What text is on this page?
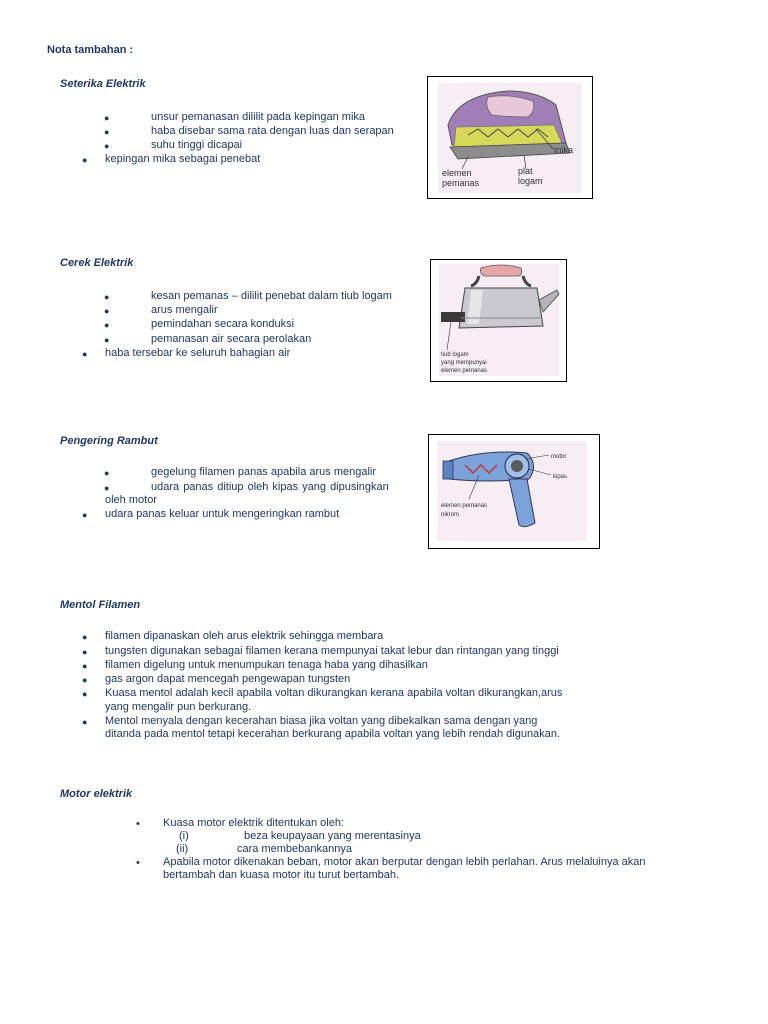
Nota tambahan :
Seterika Elektrik
●	unsur pemanasan dililit pada kepingan mika
●	haba disebar sama rata dengan luas dan serapan
●	suhu tinggi dicapai
● kepingan mika sebagai penebat
mika
elemen
pemanas
plat
logam
Cerek Elektrik
●	kesan pemanas – dililit penebat dalam tiub logam
●	arus mengalir
●	pemindahan secara konduksi
●	pemanasan air secara perolakan
● haba tersebar ke seluruh bahagian air	tiub logam
yang mempunyai
elemen pemanas
Pengering Rambut
●	gegelung filamen panas apabila arus mengalir
●	udara panas ditiup oleh kipas yang dipusingkan
oleh motor
● udara panas keluar untuk mengeringkan rambut
motor
kipas
elemen pemanas
nikrom
Mentol Filamen
● filamen dipanaskan oleh arus elektrik sehingga membara
● tungsten digunakan sebagai filamen kerana mempunyai takat lebur dan rintangan yang tinggi
● filamen digelung untuk menumpukan tenaga haba yang dihasilkan
● gas argon dapat mencegah pengewapan tungsten
● Kuasa mentol adalah kecil apabila voltan dikurangkan kerana apabila voltan dikurangkan,arus
yang mengalir pun berkurang.
● Mentol menyala dengan kecerahan biasa jika voltan yang dibekalkan sama dengan yang
ditanda pada mentol tetapi kecerahan berkurang apabila voltan yang lebih rendah digunakan.
Motor elektrik
• Kuasa motor elektrik ditentukan oleh:
(i)	beza keupayaan yang merentasinya
(ii)	cara membebankannya
• Apabila motor dikenakan beban, motor akan berputar dengan lebih perlahan. Arus melaluinya akan
bertambah dan kuasa motor itu turut bertambah.
